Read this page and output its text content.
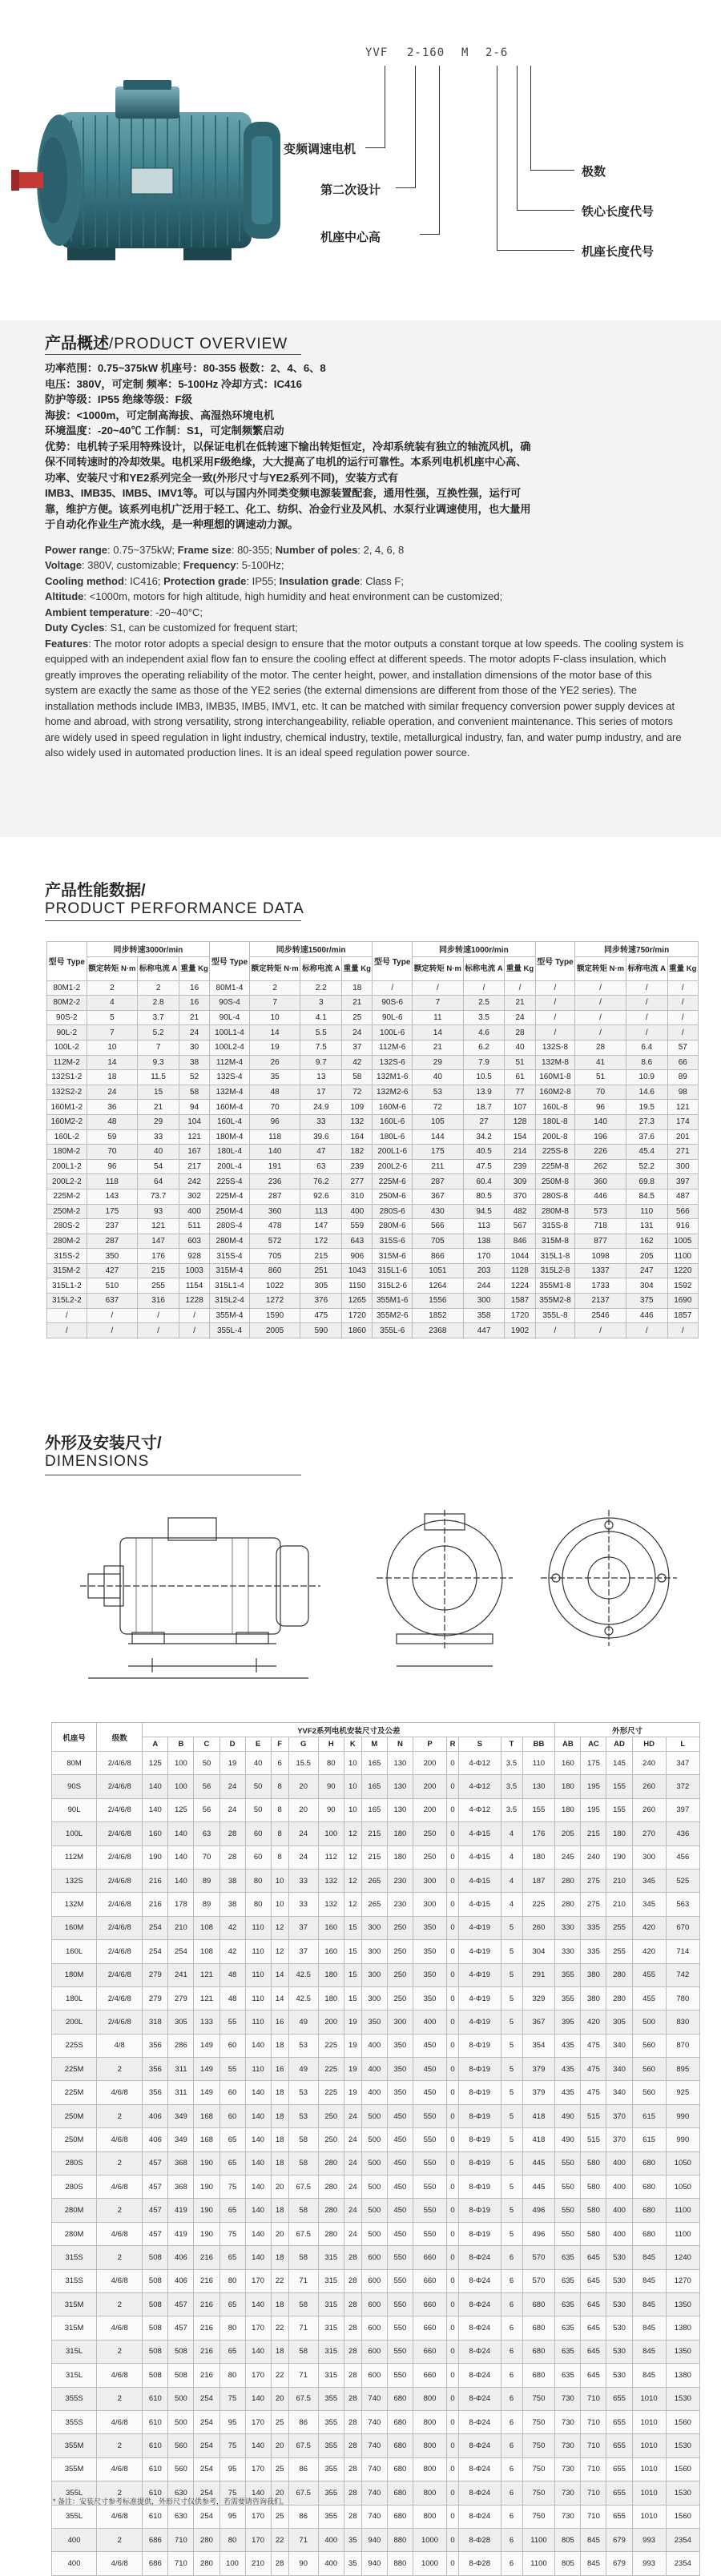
YVF 2-160 M 2-6
变频调速电机
第二次设计
机座中心高
极数
铁心长度代号
机座长度代号
产品概述/PRODUCT OVERVIEW
功率范围：0.75~375kW 机座号：80-355 极数：2、4、6、8
电压：380V，可定制 频率：5-100Hz 冷却方式：IC416
防护等级：IP55 绝缘等级：F级
海拔：<1000m，可定制高海拔、高湿热环境电机
环境温度：-20~40℃ 工作制：S1，可定制频繁启动
优势：电机转子采用特殊设计，以保证电机在低转速下输出转矩恒定，冷却系统装有独立的轴流风机，确
保不同转速时的冷却效果。电机采用F级绝缘，大大提高了电机的运行可靠性。本系列电机机座中心高、
功率、安装尺寸和YE2系列完全一致(外形尺寸与YE2系列不同)，安装方式有
IMB3、IMB35、IMB5、IMV1等。可以与国内外同类变频电源装置配套，通用性强，互换性强，运行可
靠，维护方便。该系列电机广泛用于轻工、化工、纺织、冶金行业及风机、水泵行业调速使用，也大量用
于自动化作业生产流水线，是一种理想的调速动力源。
Power range: 0.75~375kW; Frame size: 80-355; Number of poles: 2, 4, 6, 8
Voltage: 380V, customizable; Frequency: 5-100Hz;
Cooling method: IC416; Protection grade: IP55; Insulation grade: Class F;
Altitude: <1000m, motors for high altitude, high humidity and heat environment can be customized;
Ambient temperature: -20~40°C;
Duty Cycles: S1, can be customized for frequent start;
Features: The motor rotor adopts a special design to ensure that the motor outputs a constant torque at low speeds. The cooling system is equipped with an independent axial flow fan to ensure the cooling effect at different speeds. The motor adopts F-class insulation, which greatly improves the operating reliability of the motor. The center height, power, and installation dimensions of the motor base of this system are exactly the same as those of the YE2 series (the external dimensions are different from those of the YE2 series). The installation methods include IMB3, IMB35, IMB5, IMV1, etc. It can be matched with similar frequency conversion power supply devices at home and abroad, with strong versatility, strong interchangeability, reliable operation, and convenient maintenance. This series of motors are widely used in speed regulation in light industry, chemical industry, textile, metallurgical industry, fan, and water pump industry, and are also widely used in automated production lines. It is an ideal speed regulation power source.
产品性能数据/
PRODUCT PERFORMANCE DATA
型号 Type	同步转速3000r/min			型号 Type	同步转速1500r/min			型号 Type	同步转速1000r/min			型号 Type	同步转速750r/min		
	额定转矩 N·m	标称电流 A	重量 Kg		额定转矩 N·m	标称电流 A	重量 Kg		额定转矩 N·m	标称电流 A	重量 Kg		额定转矩 N·m	标称电流 A	重量 Kg
80M1-2	2	2	16	80M1-4	2	2.2	18	/	/	/	/	/	/	/	/
80M2-2	4	2.8	16	90S-4	7	3	21	90S-6	7	2.5	21	/	/	/	/
90S-2	5	3.7	21	90L-4	10	4.1	25	90L-6	11	3.5	24	/	/	/	/
90L-2	7	5.2	24	100L1-4	14	5.5	24	100L-6	14	4.6	28	/	/	/	/
100L-2	10	7	30	100L2-4	19	7.5	37	112M-6	21	6.2	40	132S-8	28	6.4	57
112M-2	14	9.3	38	112M-4	26	9.7	42	132S-6	29	7.9	51	132M-8	41	8.6	66
132S1-2	18	11.5	52	132S-4	35	13	58	132M1-6	40	10.5	61	160M1-8	51	10.9	89
132S2-2	24	15	58	132M-4	48	17	72	132M2-6	53	13.9	77	160M2-8	70	14.6	98
160M1-2	36	21	94	160M-4	70	24.9	109	160M-6	72	18.7	107	160L-8	96	19.5	121
160M2-2	48	29	104	160L-4	96	33	132	160L-6	105	27	128	180L-8	140	27.3	174
160L-2	59	33	121	180M-4	118	39.6	164	180L-6	144	34.2	154	200L-8	196	37.6	201
180M-2	70	40	167	180L-4	140	47	182	200L1-6	175	40.5	214	225S-8	226	45.4	271
200L1-2	96	54	217	200L-4	191	63	239	200L2-6	211	47.5	239	225M-8	262	52.2	300
200L2-2	118	64	242	225S-4	236	76.2	277	225M-6	287	60.4	309	250M-8	360	69.8	397
225M-2	143	73.7	302	225M-4	287	92.6	310	250M-6	367	80.5	370	280S-8	446	84.5	487
250M-2	175	93	400	250M-4	360	113	400	280S-6	430	94.5	482	280M-8	573	110	566
280S-2	237	121	511	280S-4	478	147	559	280M-6	566	113	567	315S-8	718	131	916
280M-2	287	147	603	280M-4	572	172	643	315S-6	705	138	846	315M-8	877	162	1005
315S-2	350	176	928	315S-4	705	215	906	315M-6	866	170	1044	315L1-8	1098	205	1100
315M-2	427	215	1003	315M-4	860	251	1043	315L1-6	1051	203	1128	315L2-8	1337	247	1220
315L1-2	510	255	1154	315L1-4	1022	305	1150	315L2-6	1264	244	1224	355M1-8	1733	304	1592
315L2-2	637	316	1228	315L2-4	1272	376	1265	355M1-6	1556	300	1587	355M2-8	2137	375	1690
/	/	/	/	355M-4	1590	475	1720	355M2-6	1852	358	1720	355L-8	2546	446	1857
/	/	/	/	355L-4	2005	590	1860	355L-6	2368	447	1902	/	/	/	/
外形及安装尺寸/
DIMENSIONS
机座号	级数	YVF2系列电机安装尺寸及公差																外形尺寸				
		A	B	C	D	E	F	G	H	K	M	N	P	R	S	T	BB	AB	AC	AD	HD	L
80M	2/4/6/8	125	100	50	19	40	6	15.5	80	10	165	130	200	0	4-Φ12	3.5	110	160	175	145	240	347
90S	2/4/6/8	140	100	56	24	50	8	20	90	10	165	130	200	0	4-Φ12	3.5	130	180	195	155	260	372
90L	2/4/6/8	140	125	56	24	50	8	20	90	10	165	130	200	0	4-Φ12	3.5	155	180	195	155	260	397
100L	2/4/6/8	160	140	63	28	60	8	24	100	12	215	180	250	0	4-Φ15	4	176	205	215	180	270	436
112M	2/4/6/8	190	140	70	28	60	8	24	112	12	215	180	250	0	4-Φ15	4	180	245	240	190	300	456
132S	2/4/6/8	216	140	89	38	80	10	33	132	12	265	230	300	0	4-Φ15	4	187	280	275	210	345	525
132M	2/4/6/8	216	178	89	38	80	10	33	132	12	265	230	300	0	4-Φ15	4	225	280	275	210	345	563
160M	2/4/6/8	254	210	108	42	110	12	37	160	15	300	250	350	0	4-Φ19	5	260	330	335	255	420	670
160L	2/4/6/8	254	254	108	42	110	12	37	160	15	300	250	350	0	4-Φ19	5	304	330	335	255	420	714
180M	2/4/6/8	279	241	121	48	110	14	42.5	180	15	300	250	350	0	4-Φ19	5	291	355	380	280	455	742
180L	2/4/6/8	279	279	121	48	110	14	42.5	180	15	300	250	350	0	4-Φ19	5	329	355	380	280	455	780
200L	2/4/6/8	318	305	133	55	110	16	49	200	19	350	300	400	0	4-Φ19	5	367	395	420	305	500	830
225S	4/8	356	286	149	60	140	18	53	225	19	400	350	450	0	8-Φ19	5	354	435	475	340	560	870
225M	2	356	311	149	55	110	16	49	225	19	400	350	450	0	8-Φ19	5	379	435	475	340	560	895
225M	4/6/8	356	311	149	60	140	18	53	225	19	400	350	450	0	8-Φ19	5	379	435	475	340	560	925
250M	2	406	349	168	60	140	18	53	250	24	500	450	550	0	8-Φ19	5	418	490	515	370	615	990
250M	4/6/8	406	349	168	65	140	18	58	250	24	500	450	550	0	8-Φ19	5	418	490	515	370	615	990
280S	2	457	368	190	65	140	18	58	280	24	500	450	550	0	8-Φ19	5	445	550	580	400	680	1050
280S	4/6/8	457	368	190	75	140	20	67.5	280	24	500	450	550	0	8-Φ19	5	445	550	580	400	680	1050
280M	2	457	419	190	65	140	18	58	280	24	500	450	550	0	8-Φ19	5	496	550	580	400	680	1100
280M	4/6/8	457	419	190	75	140	20	67.5	280	24	500	450	550	0	8-Φ19	5	496	550	580	400	680	1100
315S	2	508	406	216	65	140	18	58	315	28	600	550	660	0	8-Φ24	6	570	635	645	530	845	1240
315S	4/6/8	508	406	216	80	170	22	71	315	28	600	550	660	0	8-Φ24	6	570	635	645	530	845	1270
315M	2	508	457	216	65	140	18	58	315	28	600	550	660	0	8-Φ24	6	680	635	645	530	845	1350
315M	4/6/8	508	457	216	80	170	22	71	315	28	600	550	660	0	8-Φ24	6	680	635	645	530	845	1380
315L	2	508	508	216	65	140	18	58	315	28	600	550	660	0	8-Φ24	6	680	635	645	530	845	1350
315L	4/6/8	508	508	216	80	170	22	71	315	28	600	550	660	0	8-Φ24	6	680	635	645	530	845	1380
355S	2	610	500	254	75	140	20	67.5	355	28	740	680	800	0	8-Φ24	6	750	730	710	655	1010	1530
355S	4/6/8	610	500	254	95	170	25	86	355	28	740	680	800	0	8-Φ24	6	750	730	710	655	1010	1560
355M	2	610	560	254	75	140	20	67.5	355	28	740	680	800	0	8-Φ24	6	750	730	710	655	1010	1530
355M	4/6/8	610	560	254	95	170	25	86	355	28	740	680	800	0	8-Φ24	6	750	730	710	655	1010	1560
355L	2	610	630	254	75	140	20	67.5	355	28	740	680	800	0	8-Φ24	6	750	730	710	655	1010	1530
355L	4/6/8	610	630	254	95	170	25	86	355	28	740	680	800	0	8-Φ24	6	750	730	710	655	1010	1560
400	2	686	710	280	80	170	22	71	400	35	940	880	1000	0	8-Φ28	6	1100	805	845	679	993	2354
400	4/6/8	686	710	280	100	210	28	90	400	35	940	880	1000	0	8-Φ28	6	1100	805	845	679	993	2354
* 备注：安装尺寸参考标准提供，外形尺寸仅供参考，若需要请咨询我们。
